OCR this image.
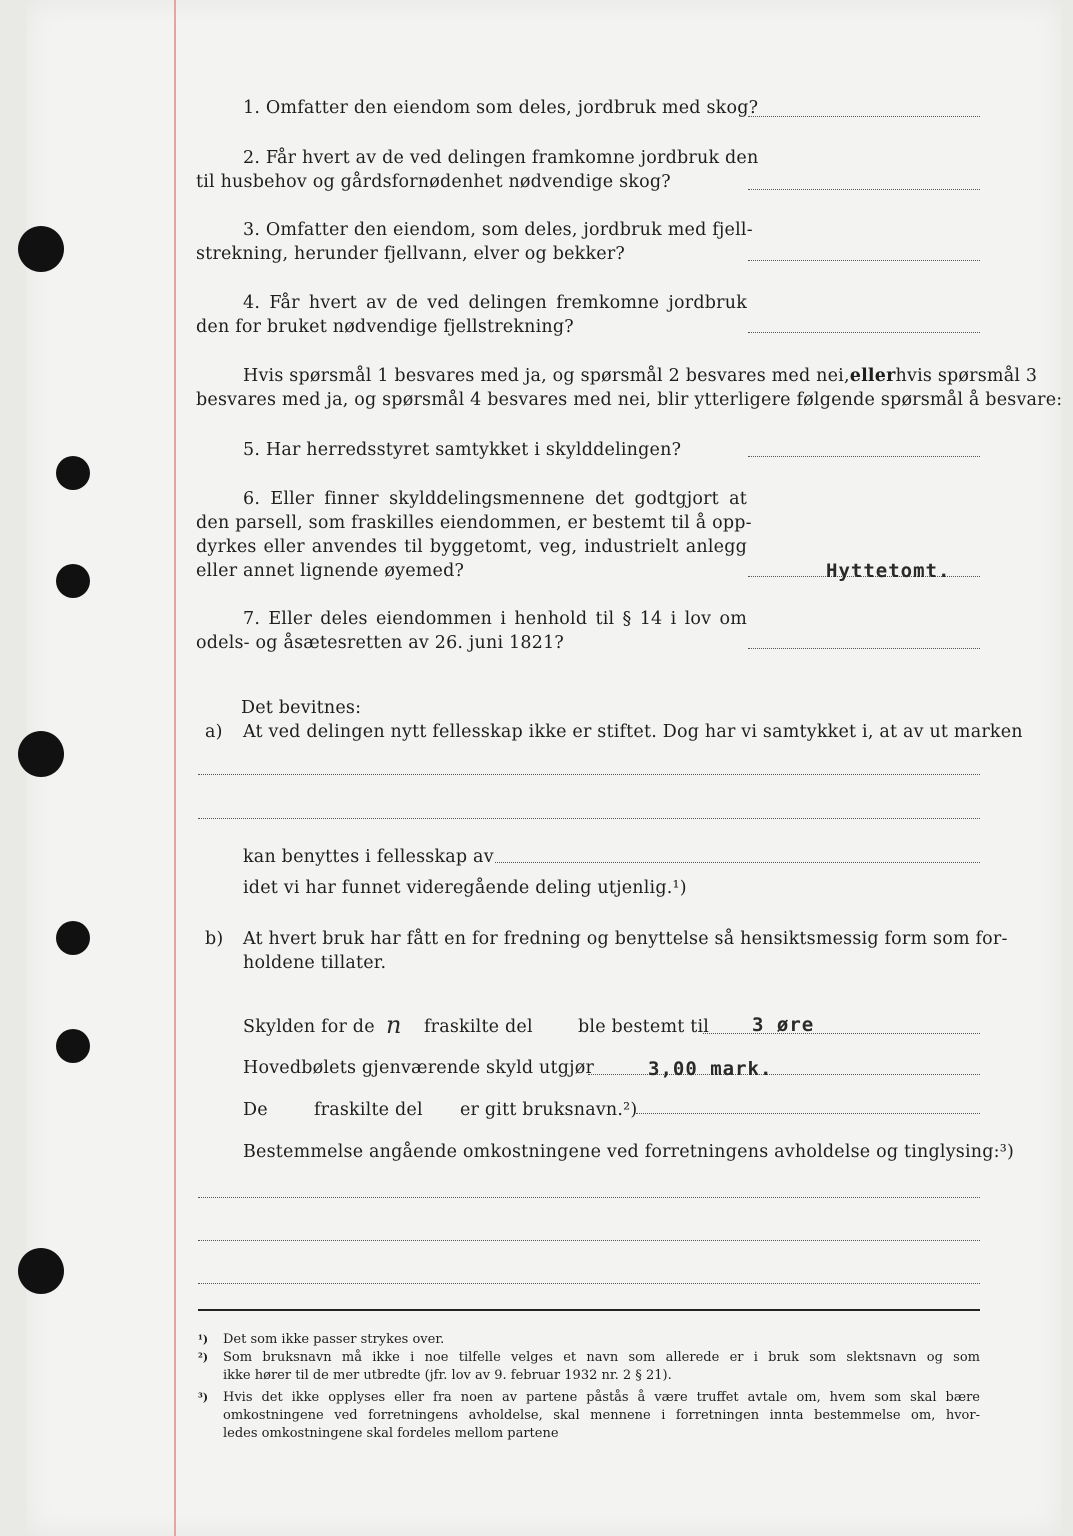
1. Omfatter den eiendom som deles, jordbruk med skog?
2. Får hvert av de ved delingen framkomne jordbruk den
til husbehov og gårdsfornødenhet nødvendige skog?
3. Omfatter den eiendom, som deles, jordbruk med fjell-
strekning, herunder fjellvann, elver og bekker?
4. Får hvert av de ved delingen fremkomne jordbruk
den for bruket nødvendige fjellstrekning?
Hvis spørsmål 1 besvares med ja, og spørsmål 2 besvares med nei, eller hvis spørsmål 3
besvares med ja, og spørsmål 4 besvares med nei, blir ytterligere følgende spørsmål å besvare:
5. Har herredsstyret samtykket i skylddelingen?
6. Eller finner skylddelingsmennene det godtgjort at
den parsell, som fraskilles eiendommen, er bestemt til å opp-
dyrkes eller anvendes til byggetomt, veg, industrielt anlegg
eller annet lignende øyemed?	Hyttetomt.
7. Eller deles eiendommen i henhold til § 14 i lov om
odels- og åsætesretten av 26. juni 1821?
Det bevitnes:
a) At ved delingen nytt fellesskap ikke er stiftet. Dog har vi samtykket i, at av ut marken
kan benyttes i fellesskap av
idet vi har funnet videregående deling utjenlig.¹)
b) At hvert bruk har fått en for fredning og benyttelse så hensiktsmessig form som for-
holdene tillater.
Skylden for de n fraskilte del	ble bestemt til 3 øre
Hovedbølets gjenværende skyld utgjør	3,00 mark.
De	fraskilte del er gitt bruksnavn.²)
Bestemmelse angående omkostningene ved forretningens avholdelse og tinglysing:³)
¹) Det som ikke passer strykes over.
²) Som bruksnavn må ikke i noe tilfelle velges et navn som allerede er i bruk som slektsnavn og som
ikke hører til de mer utbredte (jfr. lov av 9. februar 1932 nr. 2 § 21).
³) Hvis det ikke opplyses eller fra noen av partene påstås å være truffet avtale om, hvem som skal bære
omkostningene ved forretningens avholdelse, skal mennene i forretningen innta bestemmelse om, hvor-
ledes omkostningene skal fordeles mellom partene
